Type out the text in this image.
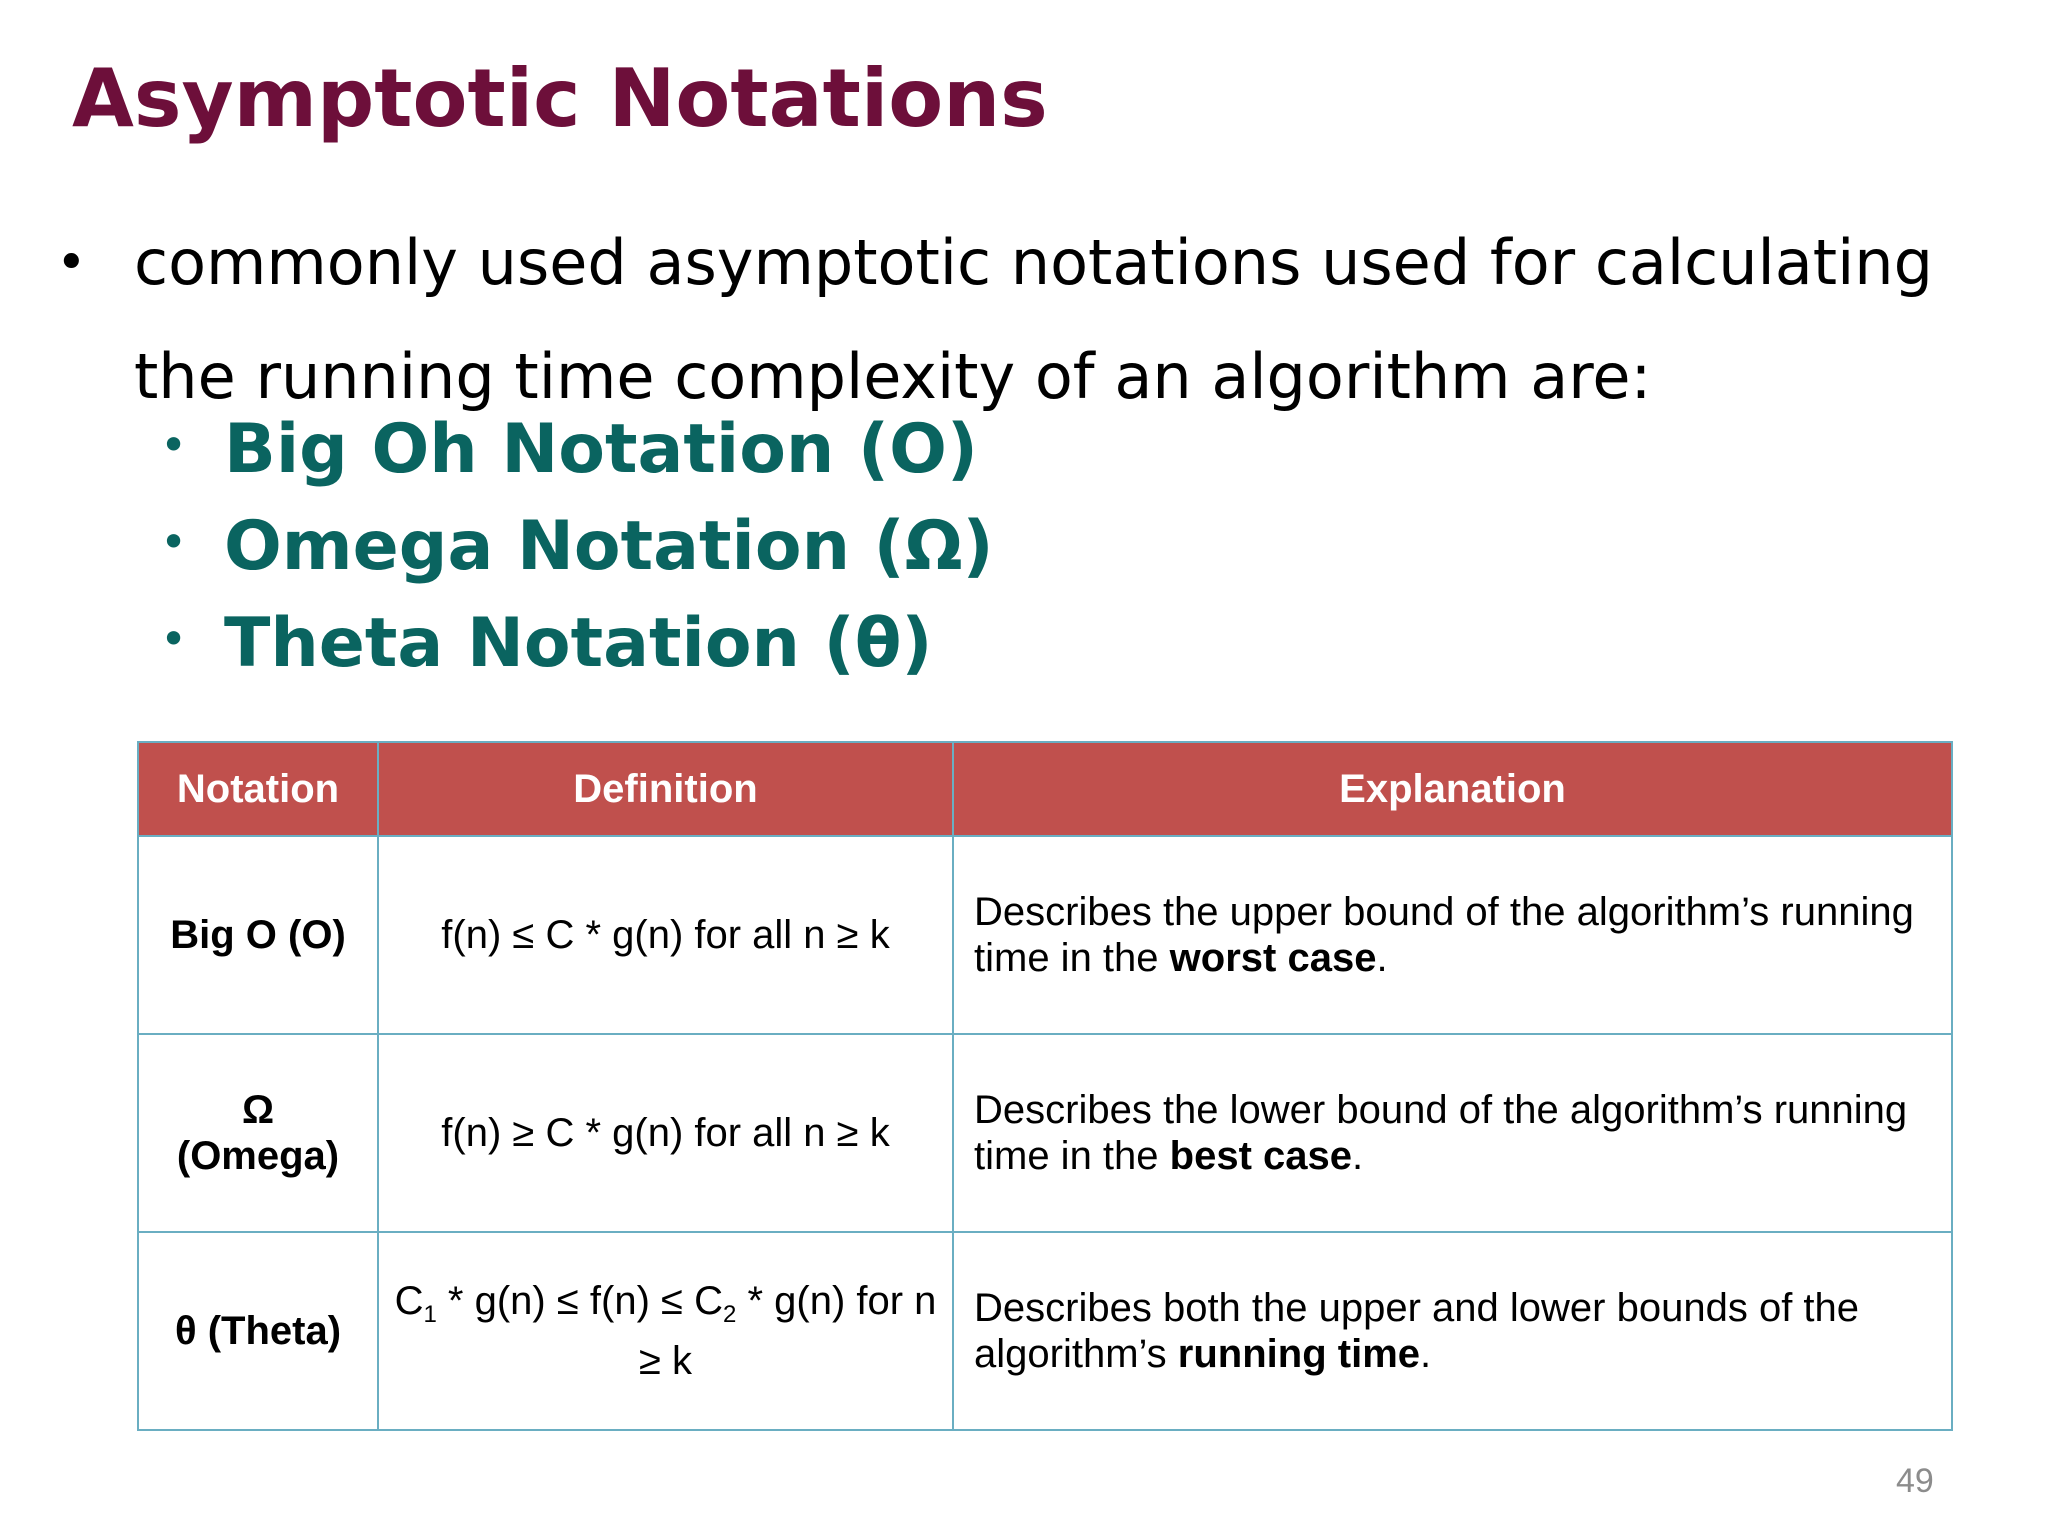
Asymptotic Notations
• commonly used asymptotic notations used for calculating the running time complexity of an algorithm are:
• Big Oh Notation (O)
• Omega Notation (Ω)
• Theta Notation (θ)
Notation	Definition	Explanation
Big O (O)	f(n) ≤ C * g(n) for all n ≥ k	Describes the upper bound of the algorithm’s running time in the worst case.
Ω
(Omega)	f(n) ≥ C * g(n) for all n ≥ k	Describes the lower bound of the algorithm’s running time in the best case.
θ (Theta)	$C_1 * g(n) \le f(n) \le C_2 * g(n)$ for n ≥ k	Describes both the upper and lower bounds of the algorithm’s running time.
49
